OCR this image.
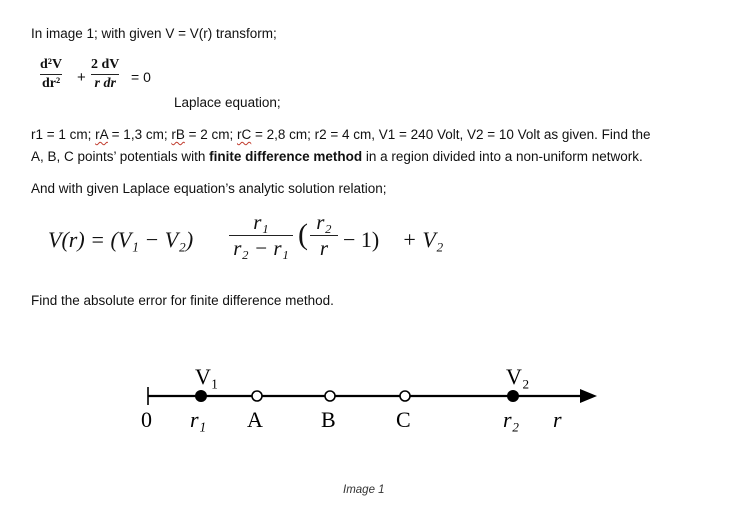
In image 1; with given V = V(r) transform;
d²V
dr² +
2 dV
r dr = 0
Laplace equation;
r1 = 1 cm; rA = 1,3 cm; rB = 2 cm; rC = 2,8 cm; r2 = 4 cm, V1 = 240 Volt, V2 = 10 Volt as given. Find the
A, B, C points’ potentials with finite difference method in a region divided into a non-uniform network.
And with given Laplace equation’s analytic solution relation;
V(r) = (V₁ − V₂)
r₁
r₂ − r₁ ( r₂
r − 1) + V₂
Find the absolute error for finite difference method.
V₁	V₂
0 r₁ A	B	C	r₂ r
Image 1
